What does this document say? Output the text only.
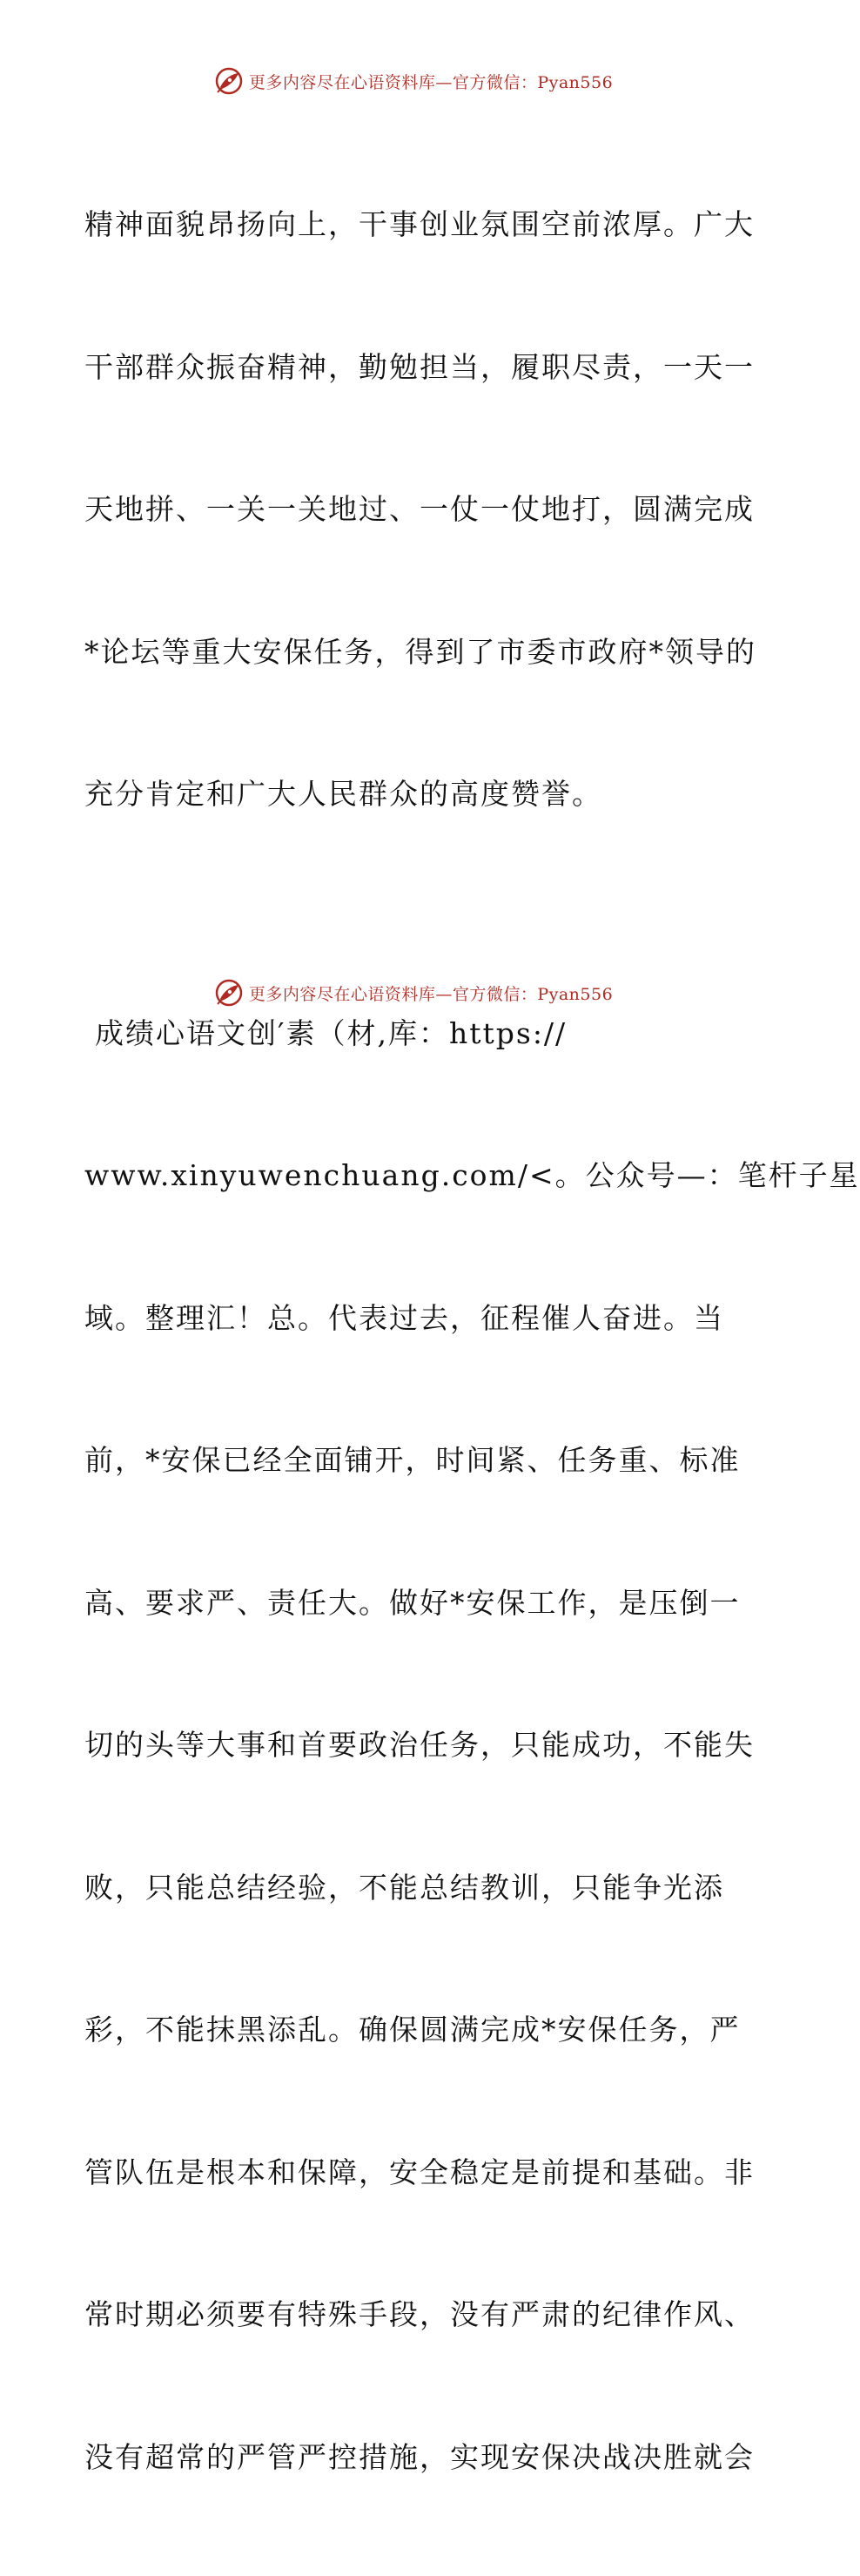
更多内容尽在心语资料库—官方微信：Pyan556

精神面貌昂扬向上，干事创业氛围空前浓厚。广大

干部群众振奋精神，勤勉担当，履职尽责，一天一

天地拼、一关一关地过、一仗一仗地打，圆满完成

*论坛等重大安保任务，得到了市委市政府*领导的

充分肯定和广大人民群众的高度赞誉。

成绩心语文创′素（材,库：https://

www.xinyuwenchuang.com/<。公众号—：笔杆子星

域。整理汇！总。代表过去，征程催人奋进。当

前，*安保已经全面铺开，时间紧、任务重、标准

高、要求严、责任大。做好*安保工作，是压倒一

切的头等大事和首要政治任务，只能成功，不能失

败，只能总结经验，不能总结教训，只能争光添

彩，不能抹黑添乱。确保圆满完成*安保任务，严

管队伍是根本和保障，安全稳定是前提和基础。非

常时期必须要有特殊手段，没有严肃的纪律作风、

没有超常的严管严控措施，实现安保决战决胜就会

更多内容尽在心语资料库—官方微信：Pyan556
